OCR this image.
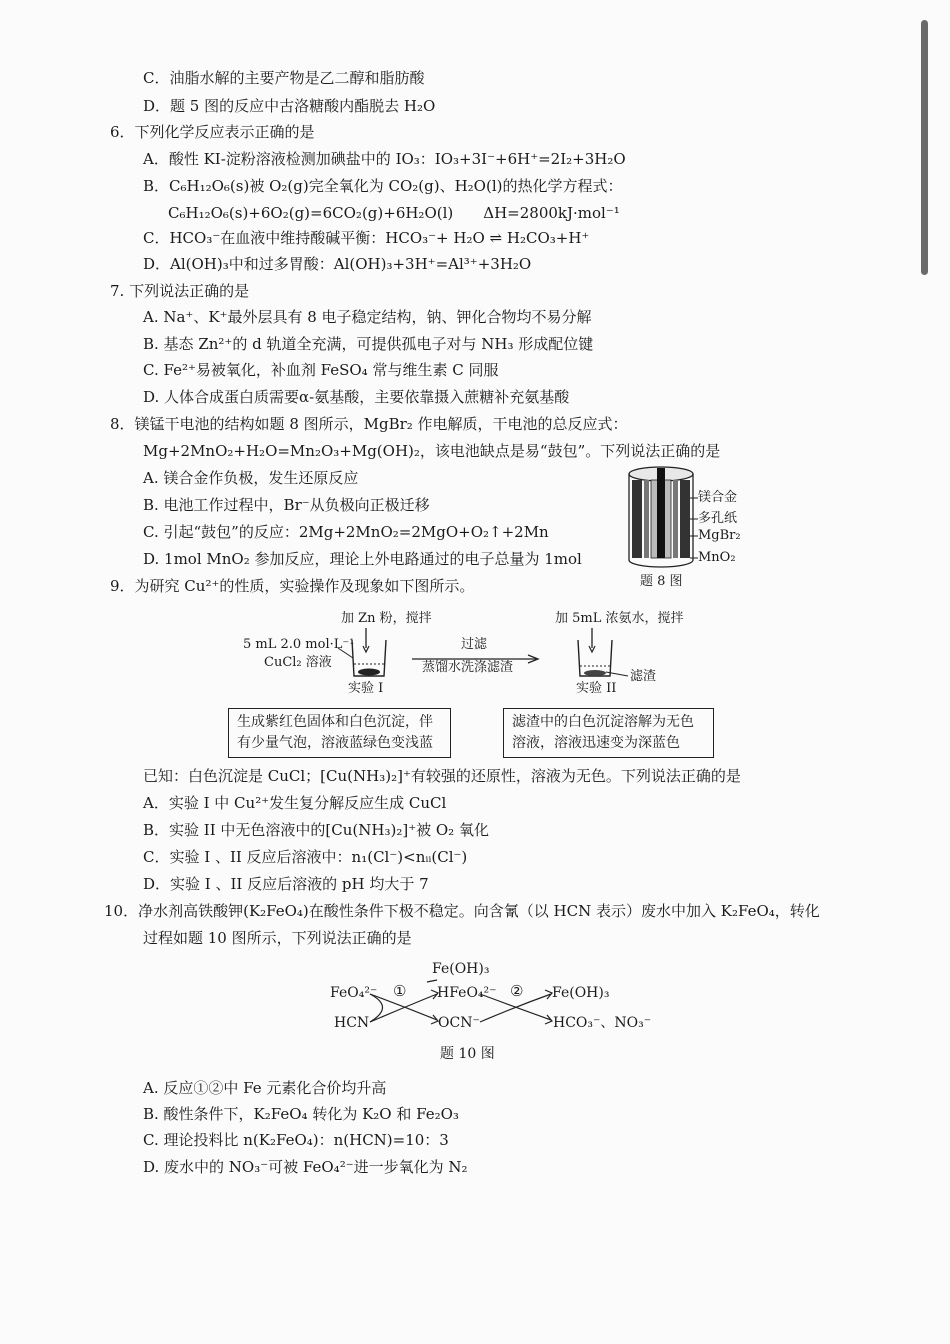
C．油脂水解的主要产物是乙二醇和脂肪酸
D．题 5 图的反应中古洛糖酸内酯脱去 H₂O
6．下列化学反应表示正确的是
A．酸性 KI-淀粉溶液检测加碘盐中的 IO₃：IO₃+3I⁻+6H⁺=2I₂+3H₂O
B．C₆H₁₂O₆(s)被 O₂(g)完全氧化为 CO₂(g)、H₂O(l)的热化学方程式：
C₆H₁₂O₆(s)+6O₂(g)=6CO₂(g)+6H₂O(l)　　ΔH=2800kJ·mol⁻¹
C．HCO₃⁻在血液中维持酸碱平衡：HCO₃⁻+ H₂O ⇌ H₂CO₃+H⁺
D．Al(OH)₃中和过多胃酸：Al(OH)₃+3H⁺=Al³⁺+3H₂O
7. 下列说法正确的是
A. Na⁺、K⁺最外层具有 8 电子稳定结构，钠、钾化合物均不易分解
B. 基态 Zn²⁺的 d 轨道全充满，可提供孤电子对与 NH₃ 形成配位键
C. Fe²⁺易被氧化，补血剂 FeSO₄ 常与维生素 C 同服
D. 人体合成蛋白质需要α-氨基酸，主要依靠摄入蔗糖补充氨基酸
8．镁锰干电池的结构如题 8 图所示，MgBr₂ 作电解质，干电池的总反应式：
Mg+2MnO₂+H₂O=Mn₂O₃+Mg(OH)₂，该电池缺点是易“鼓包”。下列说法正确的是
A. 镁合金作负极，发生还原反应
B. 电池工作过程中，Br⁻从负极向正极迁移
C. 引起“鼓包”的反应：2Mg+2MnO₂=2MgO+O₂↑+2Mn
D. 1mol MnO₂ 参加反应，理论上外电路通过的电子总量为 1mol
镁合金
多孔纸
MgBr₂
MnO₂
题 8 图
9．为研究 Cu²⁺的性质，实验操作及现象如下图所示。
加 Zn 粉，搅拌
5 mL 2.0 mol·L⁻¹
CuCl₂ 溶液
实验 I
过滤
蒸馏水洗涤滤渣
加 5mL 浓氨水，搅拌
滤渣
实验 II
生成紫红色固体和白色沉淀，伴
有少量气泡，溶液蓝绿色变浅蓝
滤渣中的白色沉淀溶解为无色
溶液，溶液迅速变为深蓝色
已知：白色沉淀是 CuCl；[Cu(NH₃)₂]⁺有较强的还原性，溶液为无色。下列说法正确的是
A．实验 I 中 Cu²⁺发生复分解反应生成 CuCl
B．实验 II 中无色溶液中的[Cu(NH₃)₂]⁺被 O₂ 氧化
C．实验 I 、II 反应后溶液中：n₁(Cl⁻)<nᵢᵢ(Cl⁻)
D．实验 I 、II 反应后溶液的 pH 均大于 7
10．净水剂高铁酸钾(K₂FeO₄)在酸性条件下极不稳定。向含氰（以 HCN 表示）废水中加入 K₂FeO₄，转化
过程如题 10 图所示，下列说法正确的是
Fe(OH)₃
FeO₄²⁻ ① HFeO₄²⁻ ② Fe(OH)₃
HCN	OCN⁻	HCO₃⁻、NO₃⁻
题 10 图
A. 反应①②中 Fe 元素化合价均升高
B. 酸性条件下，K₂FeO₄ 转化为 K₂O 和 Fe₂O₃
C. 理论投料比 n(K₂FeO₄)：n(HCN)=10：3
D. 废水中的 NO₃⁻可被 FeO₄²⁻进一步氧化为 N₂
